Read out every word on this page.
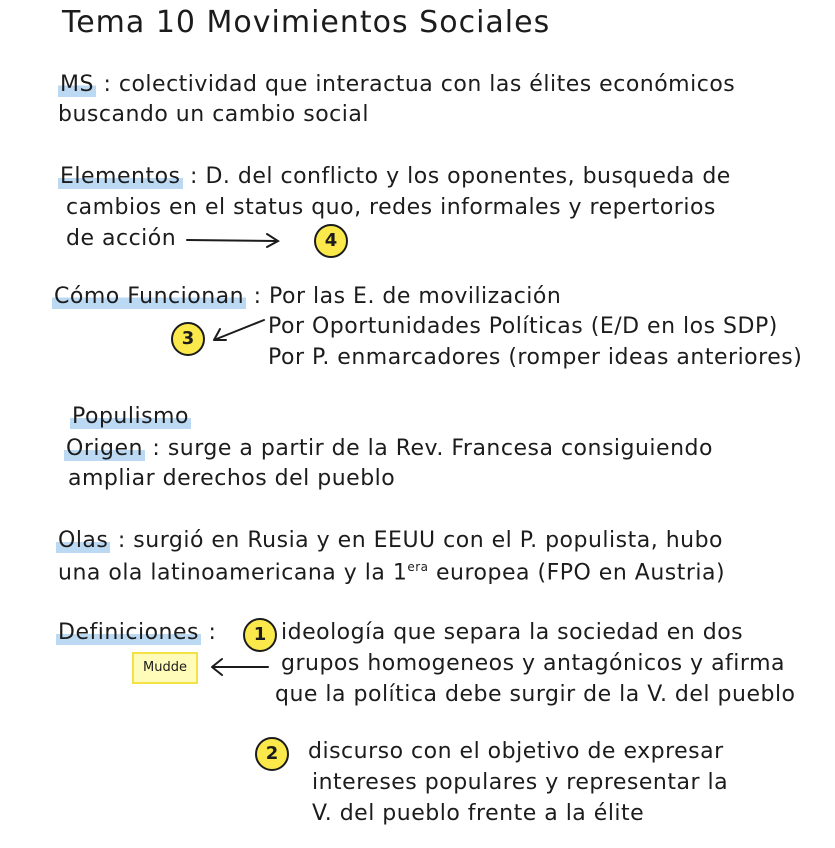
Tema 10 Movimientos Sociales
MS : colectividad que interactua con las élites económicos
buscando un cambio social
Elementos : D. del conflicto y los oponentes, busqueda de
cambios en el status quo, redes informales y repertorios
de acción	4
Cómo Funcionan : Por las E. de movilización
3	Por Oportunidades Políticas (E/D en los SDP)
Por P. enmarcadores (romper ideas anteriores)
Populismo
Origen : surge a partir de la Rev. Francesa consiguiendo
ampliar derechos del pueblo
Olas : surgió en Rusia y en EEUU con el P. populista, hubo
una ola latinoamericana y la $1^{era}$ europea (FPO en Austria)
Definiciones :	1 ideología que separa la sociedad en dos
Mudde	grupos homogeneos y antagónicos y afirma
que la política debe surgir de la V. del pueblo
2	discurso con el objetivo de expresar
intereses populares y representar la
V. del pueblo frente a la élite
